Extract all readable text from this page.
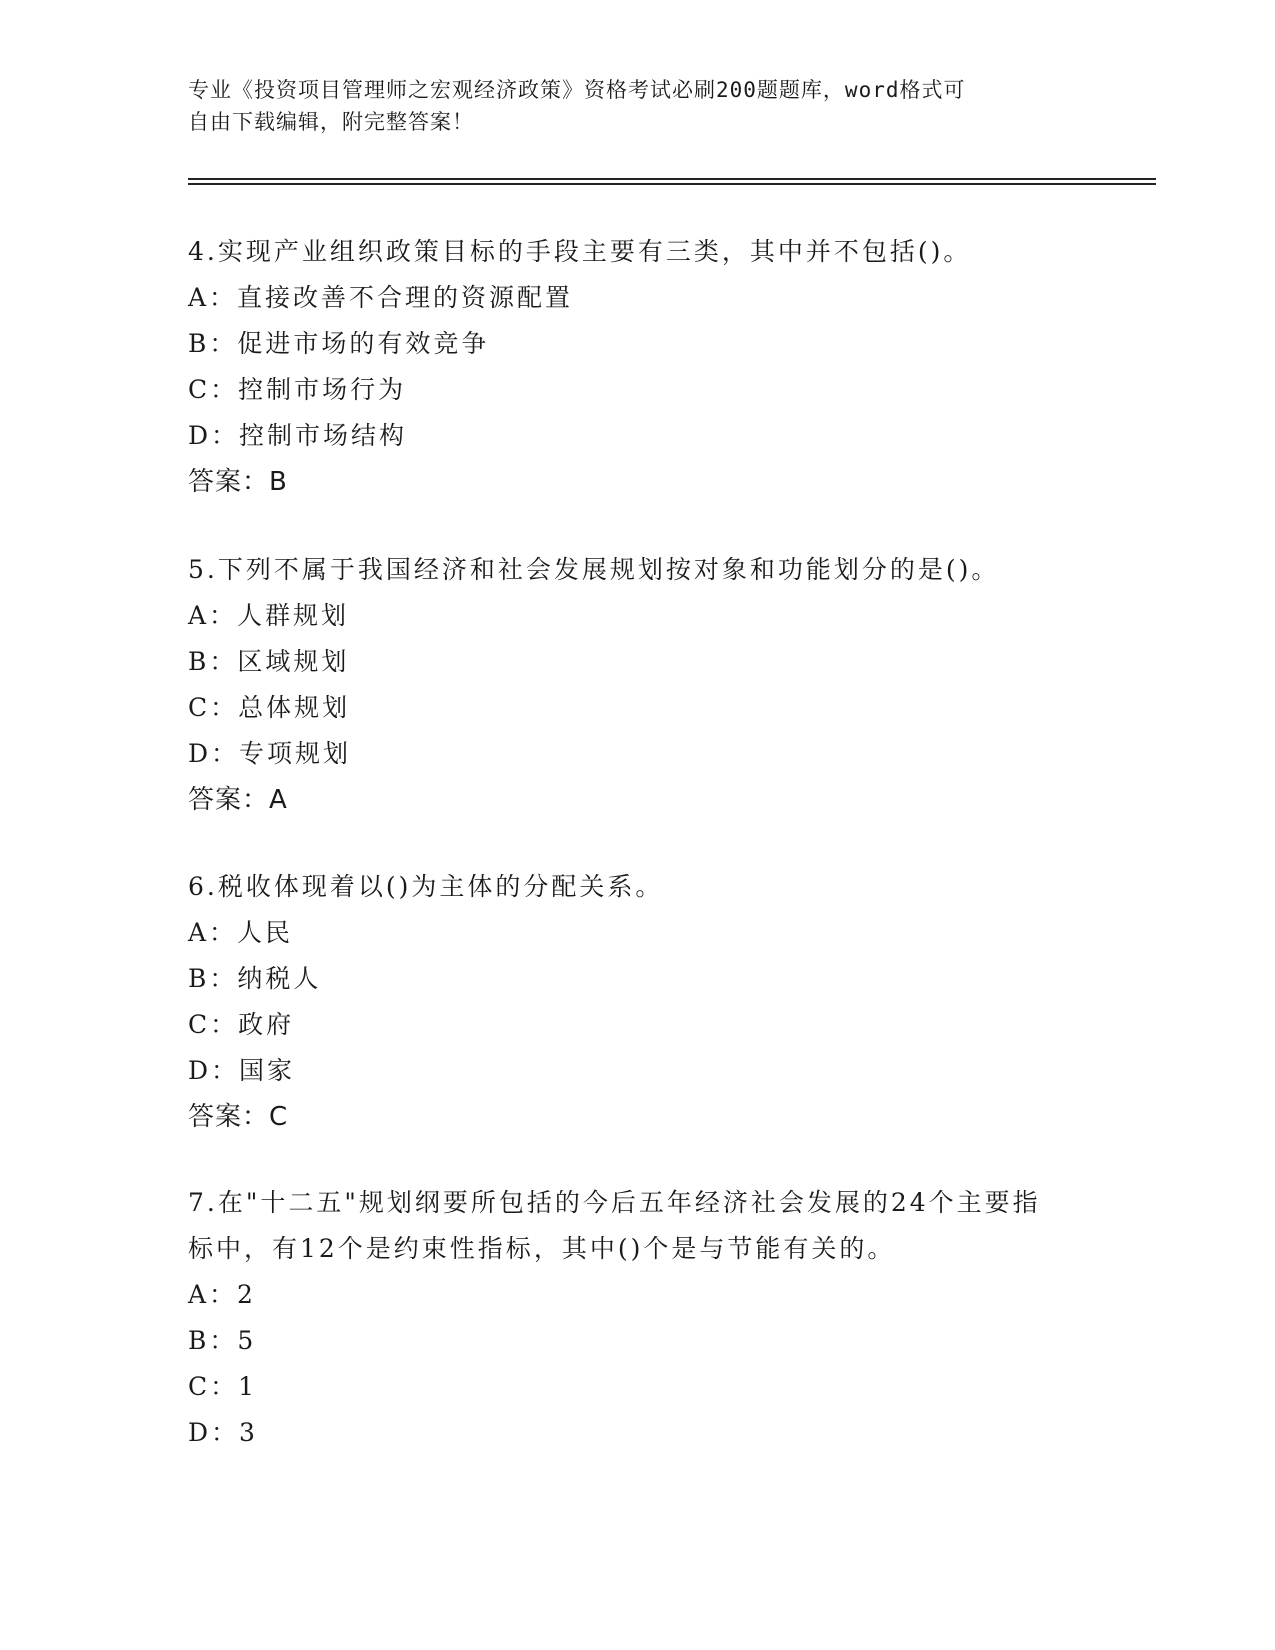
专业《投资项目管理师之宏观经济政策》资格考试必刷200题题库，word格式可
自由下载编辑，附完整答案！
4.实现产业组织政策目标的手段主要有三类，其中并不包括()。
A：直接改善不合理的资源配置
B：促进市场的有效竞争
C：控制市场行为
D：控制市场结构
答案：B
5.下列不属于我国经济和社会发展规划按对象和功能划分的是()。
A：人群规划
B：区域规划
C：总体规划
D：专项规划
答案：A
6.税收体现着以()为主体的分配关系。
A：人民
B：纳税人
C：政府
D：国家
答案：C
7.在"十二五"规划纲要所包括的今后五年经济社会发展的24个主要指
标中，有12个是约束性指标，其中()个是与节能有关的。
A：2
B：5
C：1
D：3
